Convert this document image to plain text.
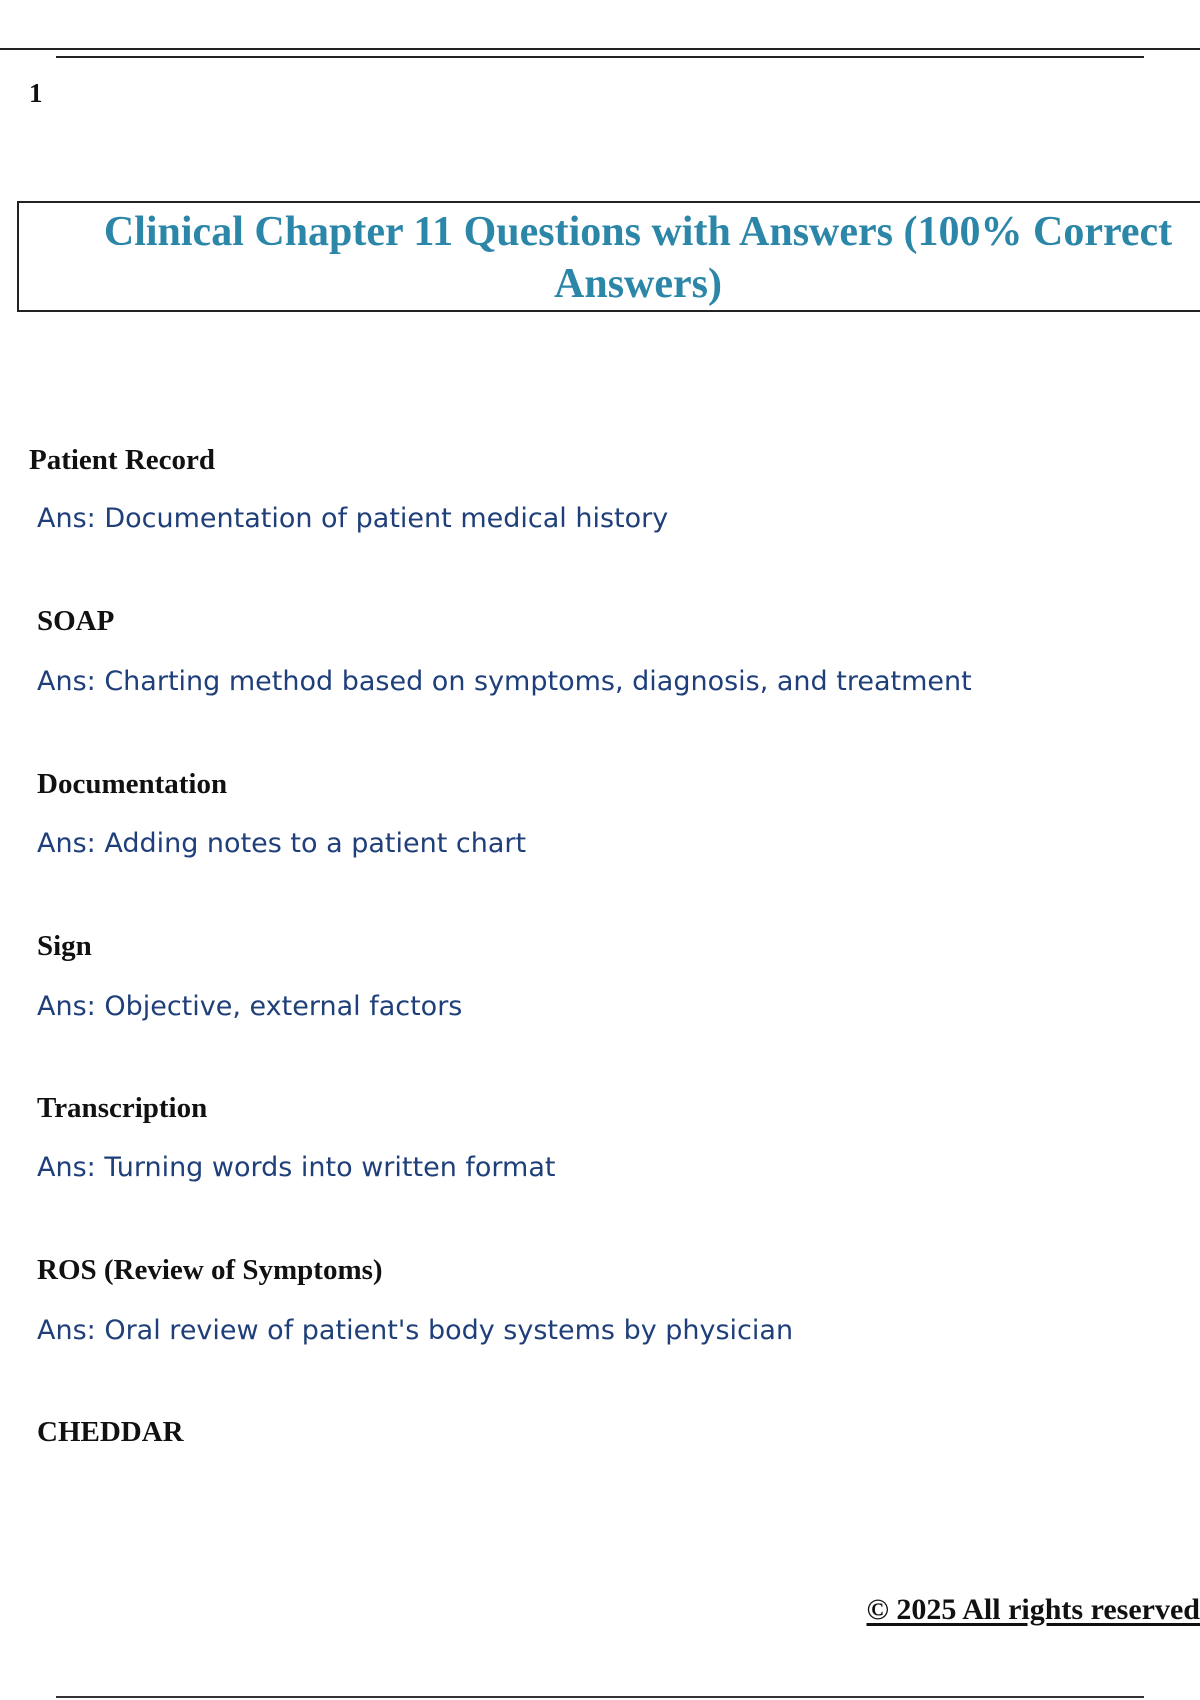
1
Clinical Chapter 11 Questions with Answers (100% Correct Answers)
Patient Record
Ans: Documentation of patient medical history
SOAP
Ans: Charting method based on symptoms, diagnosis, and treatment
Documentation
Ans: Adding notes to a patient chart
Sign
Ans: Objective, external factors
Transcription
Ans: Turning words into written format
ROS (Review of Symptoms)
Ans: Oral review of patient's body systems by physician
CHEDDAR
© 2025 All rights reserved
